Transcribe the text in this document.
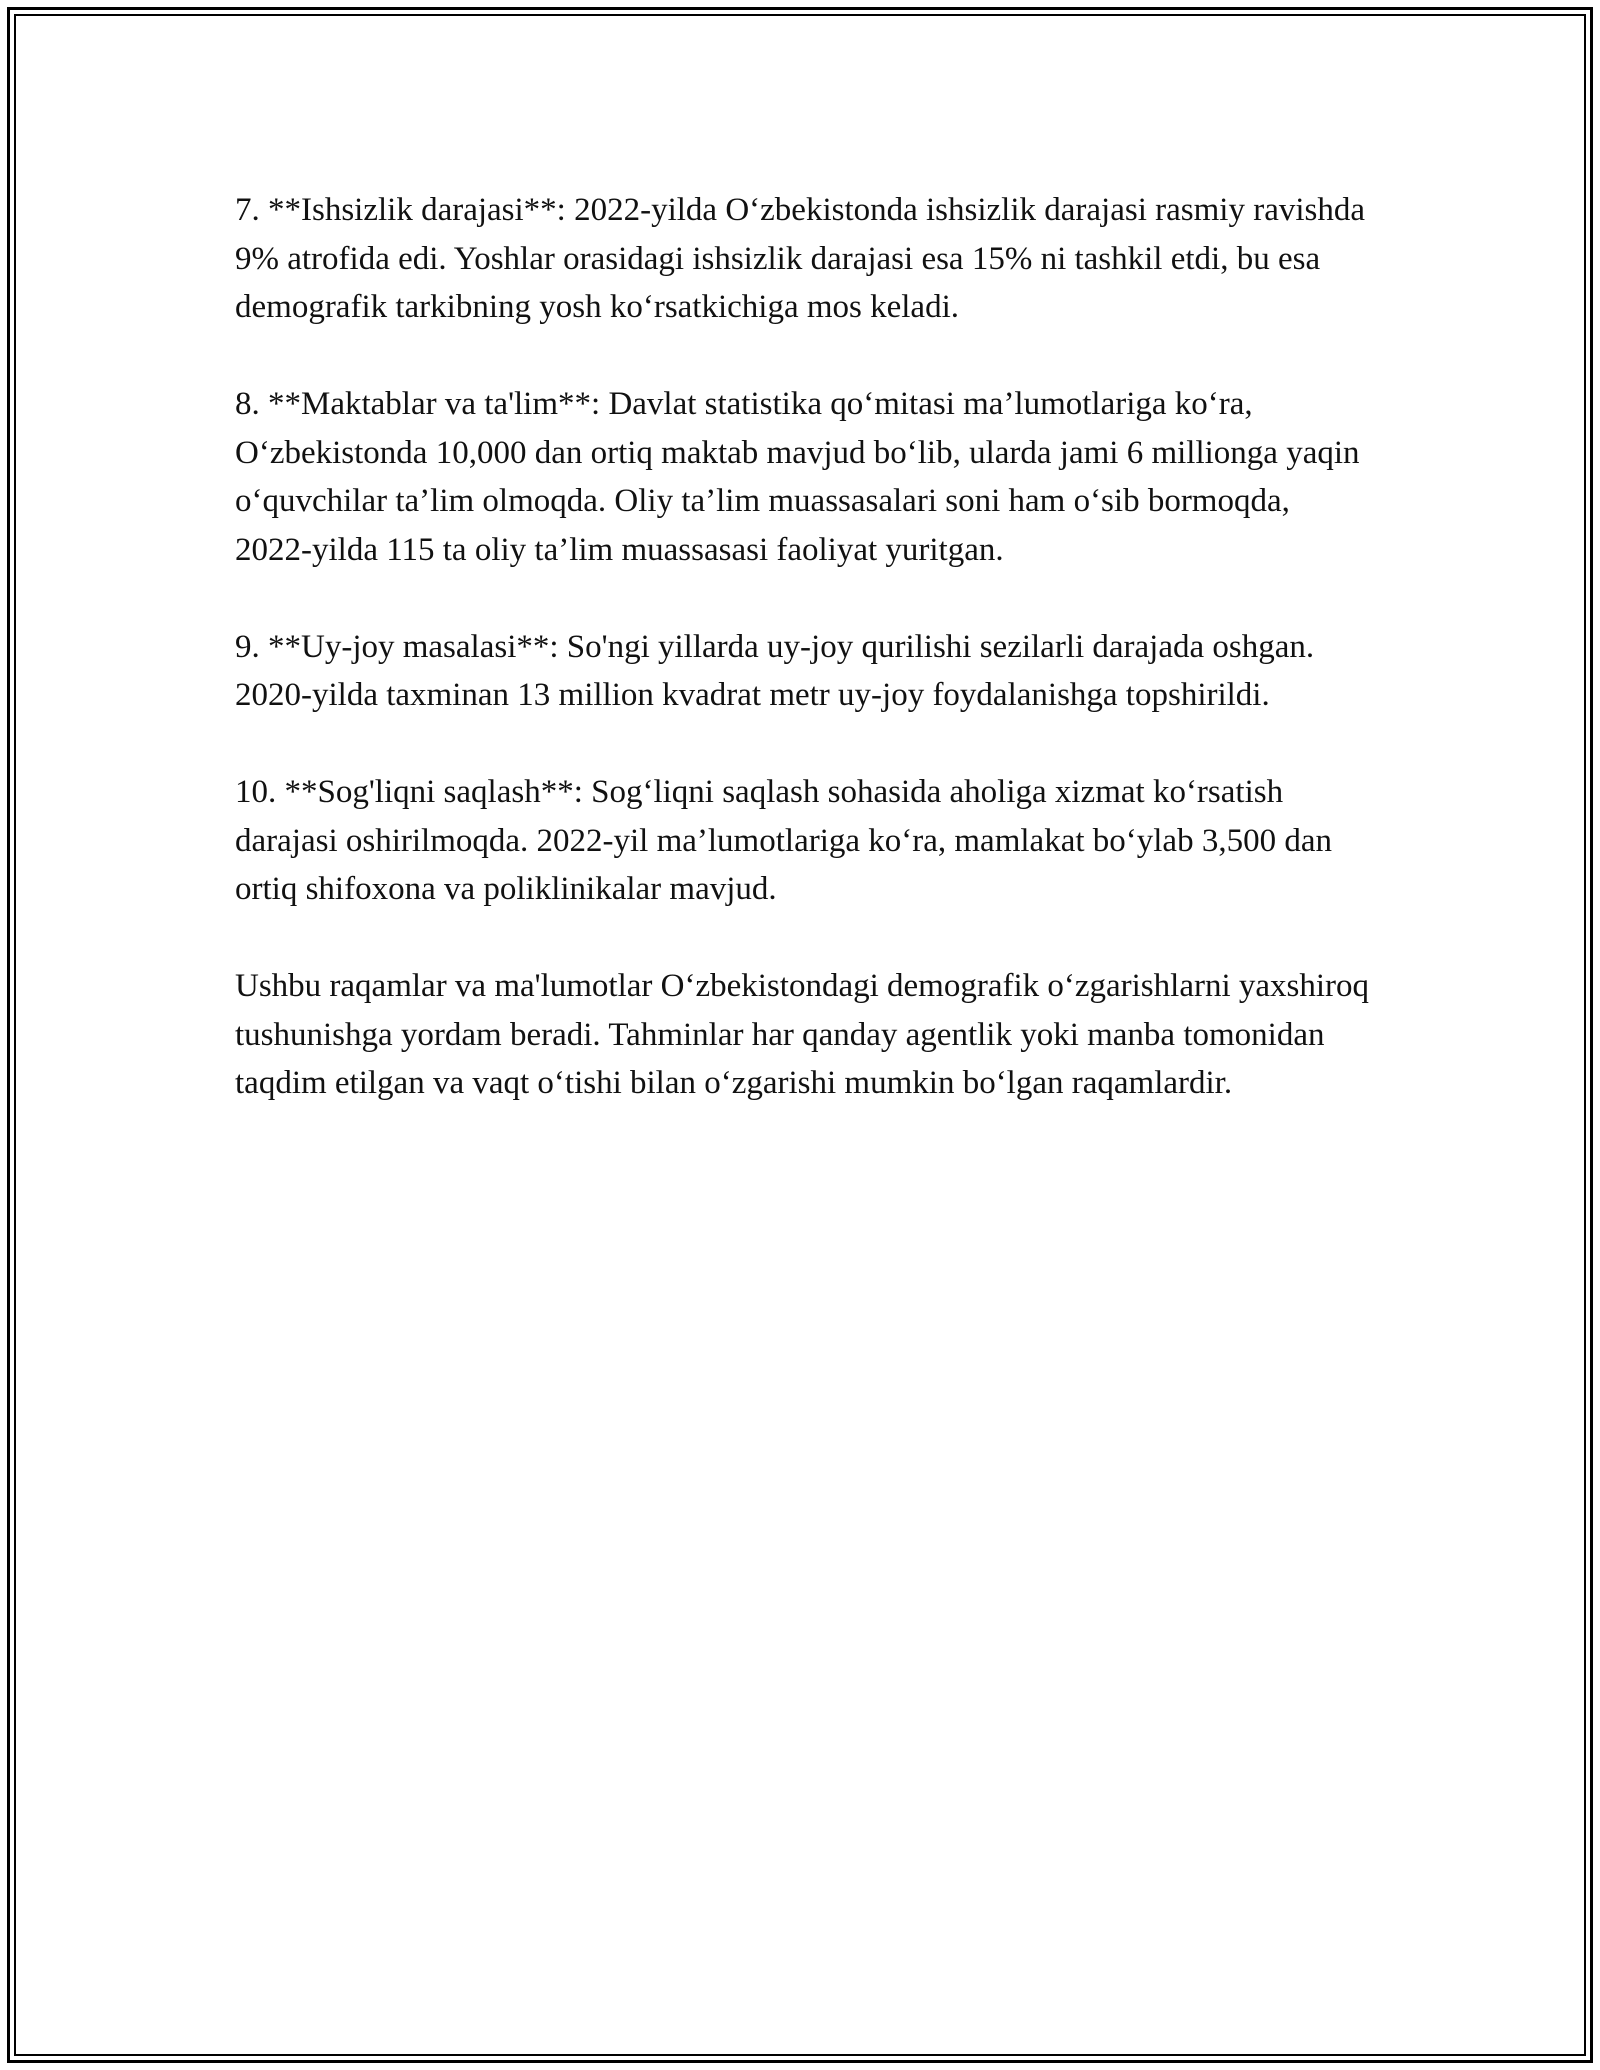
7. **Ishsizlik darajasi**: 2022-yilda O‘zbekistonda ishsizlik darajasi rasmiy ravishda 9% atrofida edi. Yoshlar orasidagi ishsizlik darajasi esa 15% ni tashkil etdi, bu esa demografik tarkibning yosh ko‘rsatkichiga mos keladi.

8. **Maktablar va ta'lim**: Davlat statistika qo‘mitasi ma’lumotlariga ko‘ra, O‘zbekistonda 10,000 dan ortiq maktab mavjud bo‘lib, ularda jami 6 millionga yaqin o‘quvchilar ta’lim olmoqda. Oliy ta’lim muassasalari soni ham o‘sib bormoqda, 2022-yilda 115 ta oliy ta’lim muassasasi faoliyat yuritgan.

9. **Uy-joy masalasi**: So'ngi yillarda uy-joy qurilishi sezilarli darajada oshgan. 2020-yilda taxminan 13 million kvadrat metr uy-joy foydalanishga topshirildi.

10. **Sog'liqni saqlash**: Sog‘liqni saqlash sohasida aholiga xizmat ko‘rsatish darajasi oshirilmoqda. 2022-yil ma’lumotlariga ko‘ra, mamlakat bo‘ylab 3,500 dan ortiq shifoxona va poliklinikalar mavjud.

Ushbu raqamlar va ma'lumotlar O‘zbekistondagi demografik o‘zgarishlarni yaxshiroq tushunishga yordam beradi. Tahminlar har qanday agentlik yoki manba tomonidan taqdim etilgan va vaqt o‘tishi bilan o‘zgarishi mumkin bo‘lgan raqamlardir.
